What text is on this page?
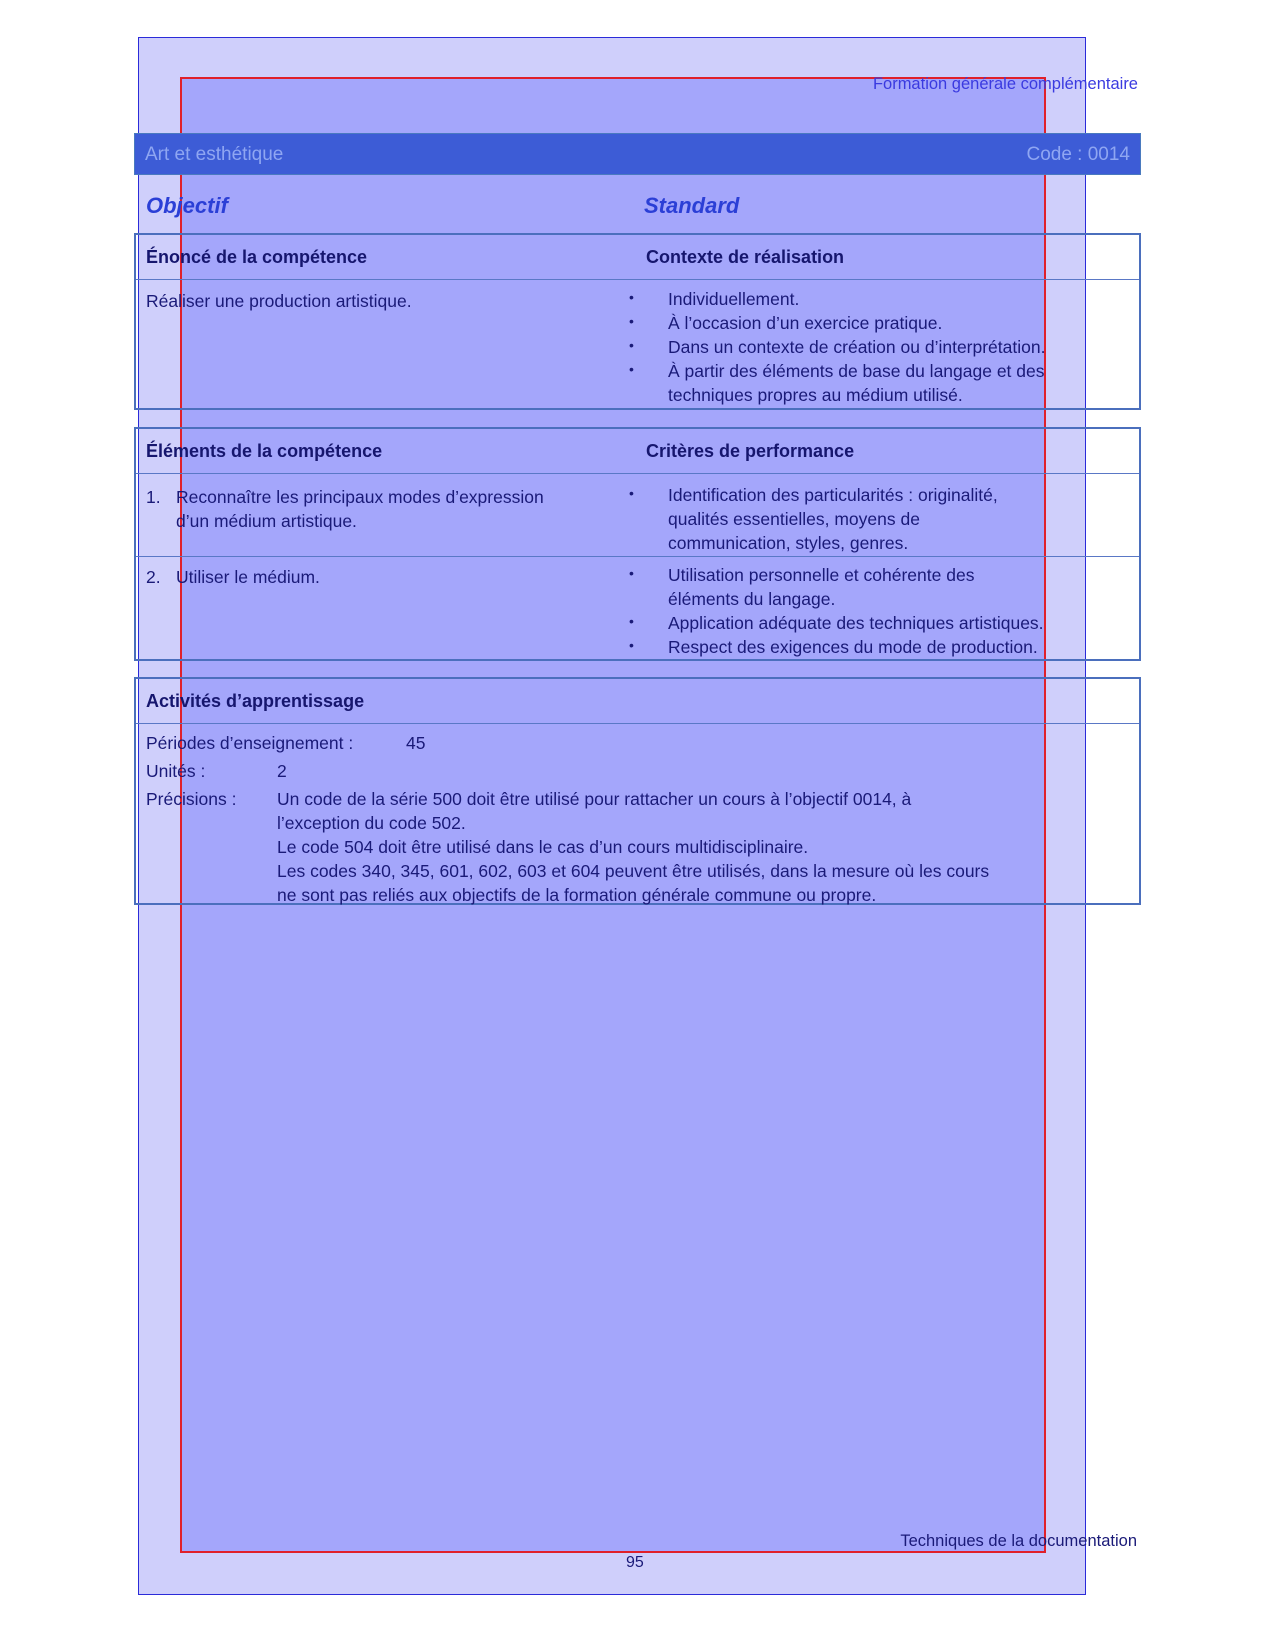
Formation générale complémentaire
Art et esthétique	Code : 0014
Objectif	Standard
Énoncé de la compétence	Contexte de réalisation
Réaliser une production artistique.	• Individuellement.
• À l’occasion d’un exercice pratique.
• Dans un contexte de création ou d’interprétation.
• À partir des éléments de base du langage et des
techniques propres au médium utilisé.
Éléments de la compétence	Critères de performance
1. Reconnaître les principaux modes d’expression
d’un médium artistique.
• Identification des particularités : originalité,
qualités essentielles, moyens de
communication, styles, genres.
2. Utiliser le médium.	• Utilisation personnelle et cohérente des
éléments du langage.
• Application adéquate des techniques artistiques.
• Respect des exigences du mode de production.
Activités d’apprentissage
Périodes d’enseignement :	45
Unités :	2
Précisions : Un code de la série 500 doit être utilisé pour rattacher un cours à l’objectif 0014, à
l’exception du code 502.
Le code 504 doit être utilisé dans le cas d’un cours multidisciplinaire.
Les codes 340, 345, 601, 602, 603 et 604 peuvent être utilisés, dans la mesure où les cours
ne sont pas reliés aux objectifs de la formation générale commune ou propre.
Techniques de la documentation
95
